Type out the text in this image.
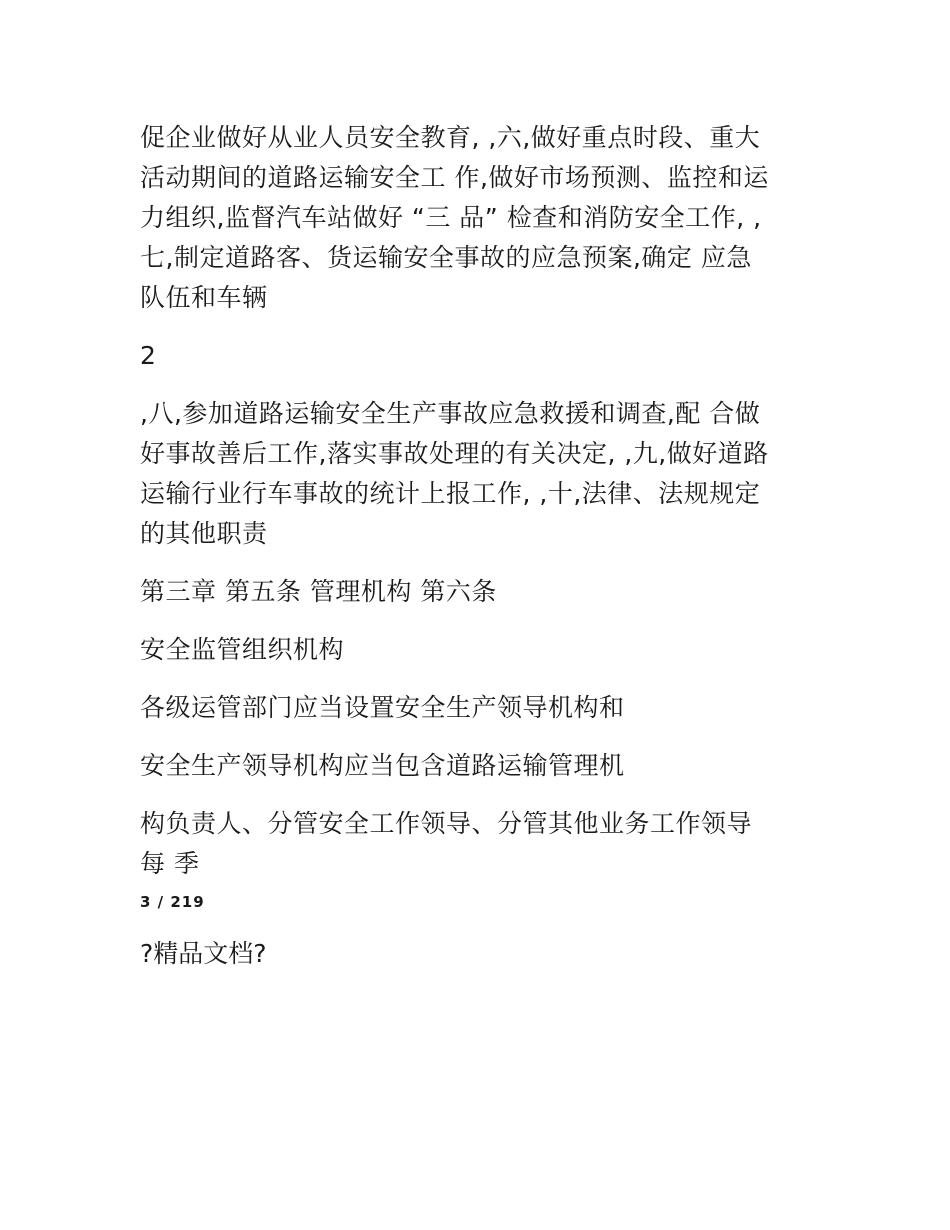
促企业做好从业人员安全教育, ,六,做好重点时段、重大
活动期间的道路运输安全工 作,做好市场预测、监控和运
力组织,监督汽车站做好 “三 品” 检查和消防安全工作, ,
七,制定道路客、货运输安全事故的应急预案,确定 应急
队伍和车辆

2

,八,参加道路运输安全生产事故应急救援和调查,配 合做
好事故善后工作,落实事故处理的有关决定, ,九,做好道路
运输行业行车事故的统计上报工作, ,十,法律、法规规定
的其他职责

第三章 第五条 管理机构 第六条

安全监管组织机构

各级运管部门应当设置安全生产领导机构和

安全生产领导机构应当包含道路运输管理机

构负责人、分管安全工作领导、分管其他业务工作领导
每 季

3 / 219

?精品文档?
